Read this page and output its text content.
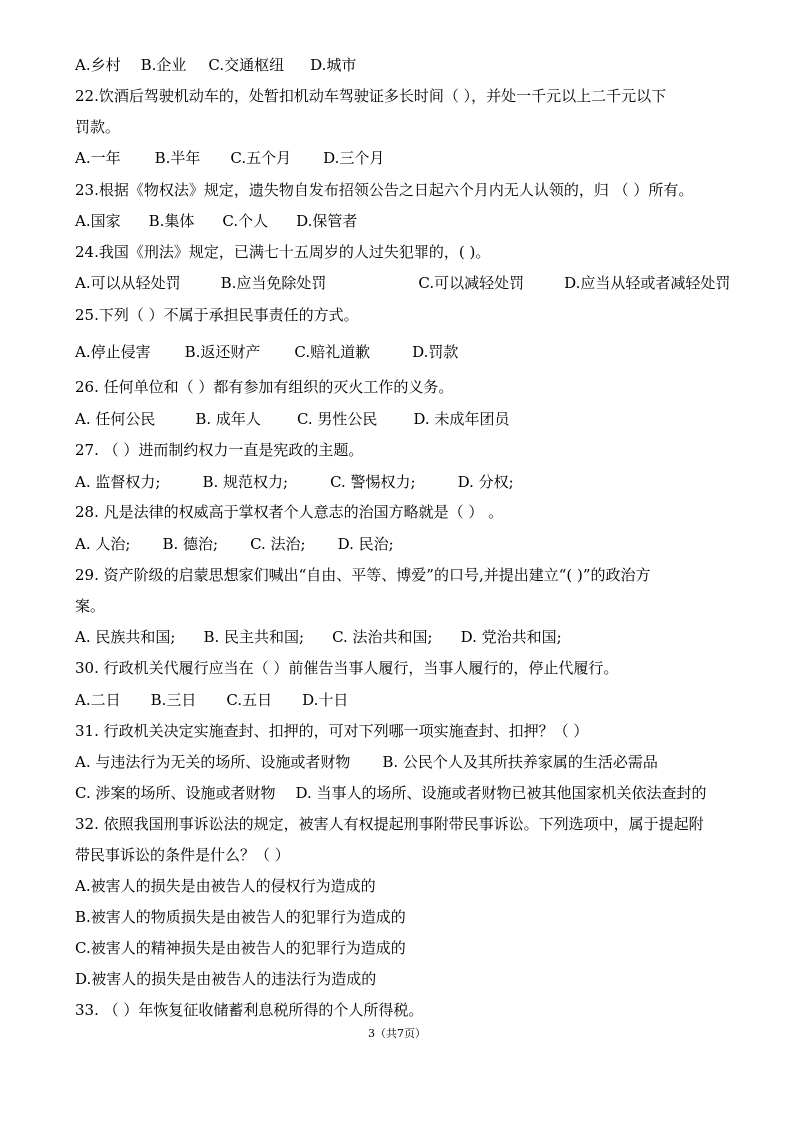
A.乡村 B.企业 C.交通枢纽 D.城市
22.饮酒后驾驶机动车的，处暂扣机动车驾驶证多长时间（ ），并处一千元以上二千元以下
罚款。
A.一年 B.半年 C.五个月 D.三个月
23.根据《物权法》规定，遗失物自发布招领公告之日起六个月内无人认领的，归 （ ）所有。
A.国家 B.集体 C.个人 D.保管者
24.我国《刑法》规定，已满七十五周岁的人过失犯罪的，( )。
A.可以从轻处罚	B.应当免除处罚	C.可以减轻处罚	D.应当从轻或者减轻处罚
25.下列（ ）不属于承担民事责任的方式。
A.停止侵害 B.返还财产 C.赔礼道歉	D.罚款
26. 任何单位和（ ）都有参加有组织的灭火工作的义务。
A. 任何公民	B. 成年人 C. 男性公民 D. 未成年团员
27. （ ）进而制约权力一直是宪政的主题。
A. 监督权力;	B. 规范权力;	C. 警惕权力;	D. 分权;
28. 凡是法律的权威高于掌权者个人意志的治国方略就是（ ） 。
A. 人治; B. 德治; C. 法治; D. 民治;
29. 资产阶级的启蒙思想家们喊出“自由、平等、博爱”的口号,并提出建立“( )”的政治方
案。
A. 民族共和国; B. 民主共和国; C. 法治共和国; D. 党治共和国;
30. 行政机关代履行应当在（ ）前催告当事人履行，当事人履行的，停止代履行。
A.二日 B.三日 C.五日 D.十日
31. 行政机关决定实施查封、扣押的，可对下列哪一项实施查封、扣押？（ ）
A. 与违法行为无关的场所、设施或者财物 B. 公民个人及其所扶养家属的生活必需品
C. 涉案的场所、设施或者财物 D. 当事人的场所、设施或者财物已被其他国家机关依法查封的
32. 依照我国刑事诉讼法的规定，被害人有权提起刑事附带民事诉讼。下列选项中，属于提起附
带民事诉讼的条件是什么？（ ）
A.被害人的损失是由被告人的侵权行为造成的
B.被害人的物质损失是由被告人的犯罪行为造成的
C.被害人的精神损失是由被告人的犯罪行为造成的
D.被害人的损失是由被告人的违法行为造成的
33. （ ）年恢复征收储蓄利息税所得的个人所得税。
3（共7页）
